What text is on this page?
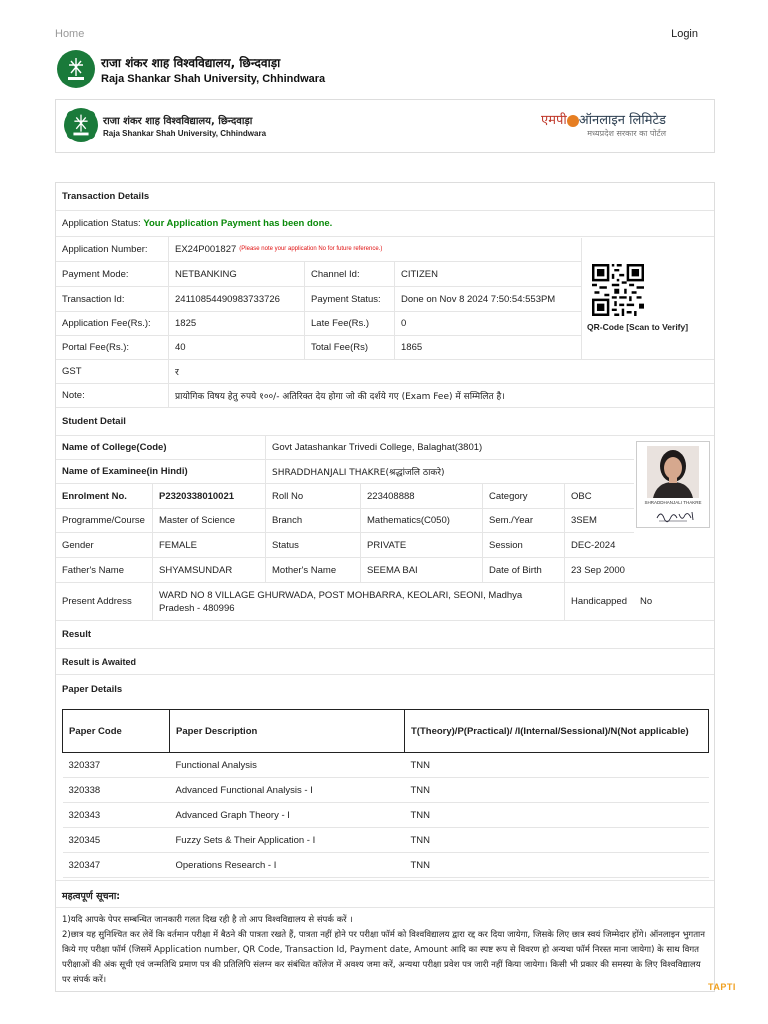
Home	Login
राजा शंकर शाह विश्वविद्यालय, छिन्दवाड़ा
Raja Shankar Shah University, Chhindwara
राजा शंकर शाह विश्वविद्यालय, छिन्दवाड़ा
Raja Shankar Shah University, Chhindwara
एमपी ऑनलाइन लिमिटेड
मध्यप्रदेश सरकार का पोर्टल
Transaction Details
Application Status:
Your Application Payment has been done.
Application Number:	EX24P001827 (Please note your application No for future reference.)
Payment Mode:	NETBANKING	Channel Id:	CITIZEN
Transaction Id:	24110854490983733726	Payment Status:	Done on Nov 8 2024 7:50:54:553PM
Application Fee(Rs.):	1825	Late Fee(Rs.)	0
Portal Fee(Rs.):	40	Total Fee(Rs)	1865
GST	र
Note:	प्रायोगिक विषय हेतु रुपये १००/- अतिरिक्त देय होगा जो की दर्शये गए (Exam Fee) में सम्मिलित है।
QR-Code [Scan to Verify]
Student Detail
Name of College(Code)	Govt Jatashankar Trivedi College, Balaghat(3801)
Name of Examinee(in Hindi)	SHRADDHANJALI THAKRE(श्रद्धांजलि ठाकरे)
Enrolment No.	P2320338010021	Roll No	223408888	Category	OBC
Programme/Course	Master of Science	Branch	Mathematics(C050)	Sem./Year	3SEM
Gender	FEMALE	Status	PRIVATE	Session	DEC-2024
Father's Name	SHYAMSUNDAR	Mother's Name	SEEMA BAI	Date of Birth	23 Sep 2000
Present Address
WARD NO 8 VILLAGE GHURWADA, POST MOHBARRA, KEOLARI, SEONI, Madhya Pradesh - 480996
Handicapped	No
SHRADDHANJALI THAKRE
Result
Result is Awaited
Paper Details
Paper Code	Paper Description	T(Theory)/P(Practical)/ /I(Internal/Sessional)/N(Not applicable)
320337	Functional Analysis	TNN
320338	Advanced Functional Analysis - I	TNN
320343	Advanced Graph Theory - I	TNN
320345	Fuzzy Sets & Their Application - I	TNN
320347	Operations Research - I	TNN
महत्वपूर्ण सूचना:
1)यदि आपके पेपर सम्बन्धित जानकारी गलत दिख रही है तो आप विश्वविद्यालय से संपर्क करें ।
2)छात्र यह सुनिश्चित कर लेवें कि वर्तमान परीक्षा में बैठने की पात्रता रखते हैं, पात्रता नहीं होने पर परीक्षा फॉर्म को विश्वविद्यालय द्वारा रद्द कर दिया जायेगा, जिसके लिए छात्र स्वयं जिम्मेदार होंगे। ऑनलाइन भुगतान किये गए परीक्षा फॉर्म (जिसमें Application number, QR Code, Transaction Id, Payment date, Amount आदि का स्पष्ट रूप से विवरण हो अन्यथा फॉर्म निरस्त माना जायेगा) के साथ विगत परीक्षाओं की अंक सूची एवं जन्मतिथि प्रमाण पत्र की प्रतिलिपि संलग्न कर संबंधित कॉलेज में अवश्य जमा करें, अन्यथा परीक्षा प्रवेश पत्र जारी नहीं किया जायेगा। किसी भी प्रकार की समस्या के लिए विश्वविद्यालय पर संपर्क करें।
TAPTI
